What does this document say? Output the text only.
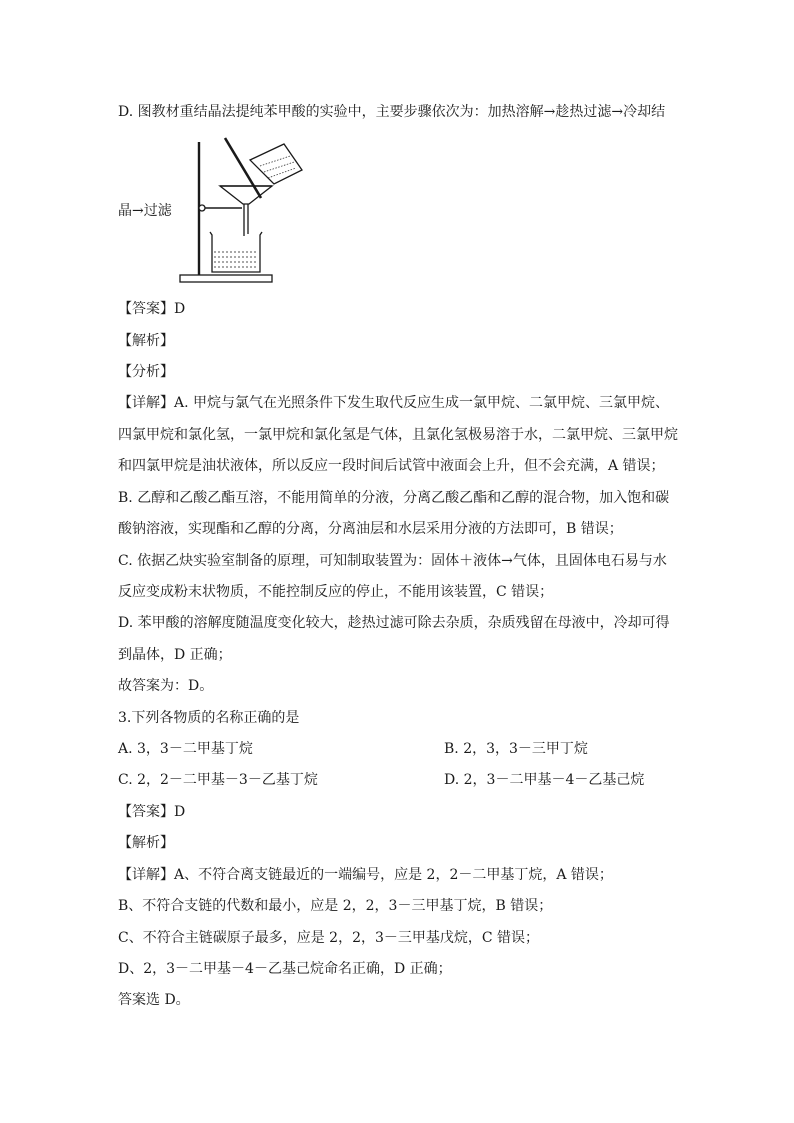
D. 图教材重结晶法提纯苯甲酸的实验中，主要步骤依次为：加热溶解→趁热过滤→冷却结
晶→过滤
【答案】D
【解析】
【分析】
【详解】A. 甲烷与氯气在光照条件下发生取代反应生成一氯甲烷、二氯甲烷、三氯甲烷、
四氯甲烷和氯化氢，一氯甲烷和氯化氢是气体，且氯化氢极易溶于水，二氯甲烷、三氯甲烷
和四氯甲烷是油状液体，所以反应一段时间后试管中液面会上升，但不会充满，A 错误；
B. 乙醇和乙酸乙酯互溶，不能用简单的分液，分离乙酸乙酯和乙醇的混合物，加入饱和碳
酸钠溶液，实现酯和乙醇的分离，分离油层和水层采用分液的方法即可，B 错误；
C. 依据乙炔实验室制备的原理，可知制取装置为：固体＋液体→气体，且固体电石易与水
反应变成粉末状物质，不能控制反应的停止，不能用该装置，C 错误；
D. 苯甲酸的溶解度随温度变化较大，趁热过滤可除去杂质，杂质残留在母液中，冷却可得
到晶体，D 正确；
故答案为：D。
3.下列各物质的名称正确的是
A. 3，3－二甲基丁烷	B. 2，3，3－三甲丁烷
C. 2，2－二甲基－3－乙基丁烷	D. 2，3－二甲基－4－乙基己烷
【答案】D
【解析】
【详解】A、不符合离支链最近的一端编号，应是 2，2－二甲基丁烷，A 错误；
B、不符合支链的代数和最小，应是 2，2，3－三甲基丁烷，B 错误；
C、不符合主链碳原子最多，应是 2，2，3－三甲基戊烷，C 错误；
D、2，3－二甲基－4－乙基己烷命名正确，D 正确；
答案选 D。
